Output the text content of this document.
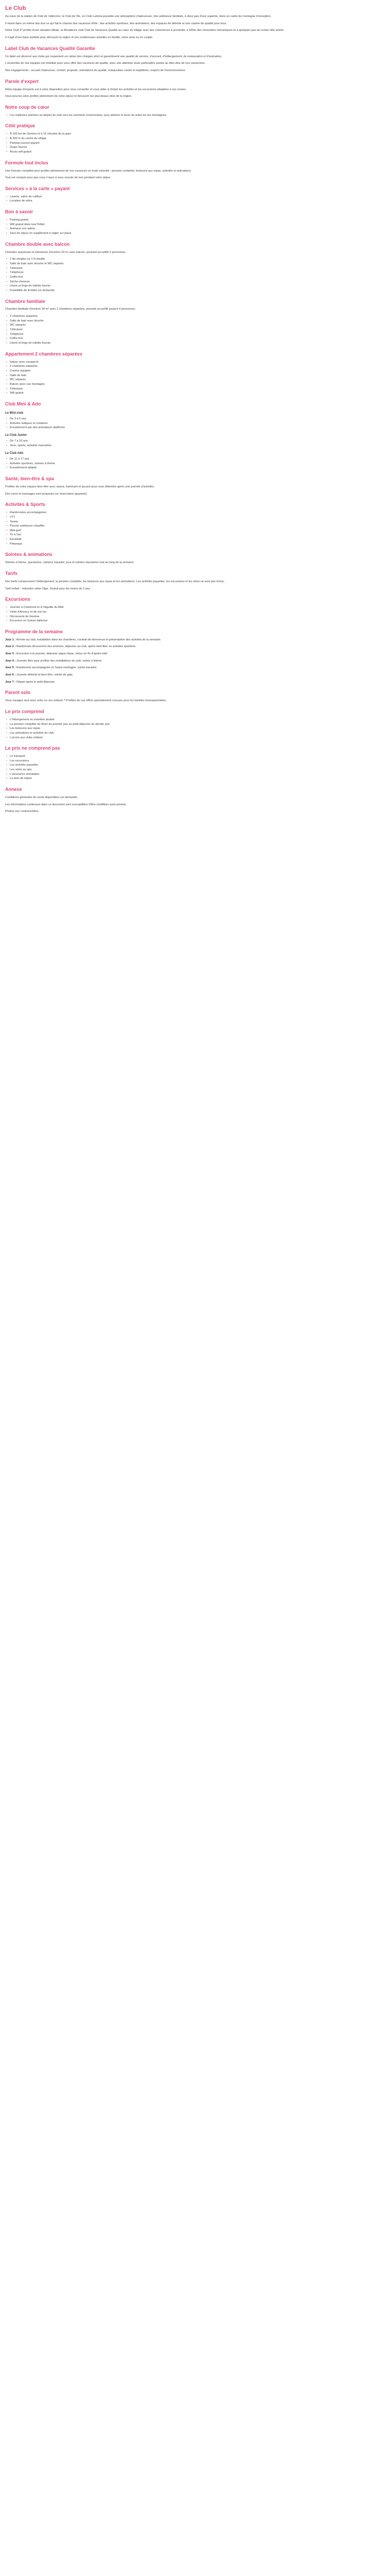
Le Club

Au cœur de la station de Club de Vallorcine, le Club de l'Ile, un Club Lumina possède une atmosphère chaleureuse, très ambiance familiale, à deux pas d'une superbe, dans un cadre de montagne d'exception.

Il réunit dans un même lieu tout ce qui fait le charme des vacances d'été : des activités sportives, des animations, des espaces de détente et une cuisine de qualité pour tous.

Notre Club 3* profite d'une situation idéale, la Résidence club Club de Vacances Qualité au cœur du village avec des commerces à proximité, à 500m des remontées mécaniques et à quelques pas du centre-ville animé.

Il s'agit d'une base parfaite pour découvrir la région et ses nombreuses activités en famille, entre amis ou en couple.

Label Club de Vacances Qualité Garantie

Ce label est décerné aux clubs qui respectent un cahier des charges strict et garantissent une qualité de service, d'accueil, d'hébergement, de restauration et d'animation.

L'ensemble de nos équipes est mobilisé pour vous offrir des vacances de qualité, avec une attention toute particulière portée au bien-être de nos vacanciers.

Nos engagements : accueil chaleureux, confort, propreté, animations de qualité, restauration variée et équilibrée, respect de l'environnement.

Parole d'expert

Notre équipe d'experts est à votre disposition pour vous conseiller et vous aider à choisir les activités et les excursions adaptées à vos envies.

Vous pourrez ainsi profiter pleinement de votre séjour et découvrir les plus beaux sites de la région.

Notre coup de cœur
• Les matinées animées au départ du club vers les sommets environnants, pour admirer le lever du soleil sur les montagnes.
Côté pratique
• À 150 km de Genève et à 15 minutes de la gare
• À 200 m du centre du village
• Parking couvert payant
• Draps fournis
• Accès wifi gratuit
Formule tout inclus

Une formule complète pour profiter pleinement de vos vacances en toute sérénité : pension complète, boissons aux repas, activités et animations.

Tout est compris pour que vous n'ayez à vous soucier de rien pendant votre séjour.

Services « à la carte » payant
• Laverie, salon de coiffure
• Location de vélos
Bon à savoir
• Parking gratuit
• Wifi gratuit dans tout l'hôtel
• Animaux non admis
• Taxe de séjour en supplément à régler sur place
Chambre double avec balcon

Chambre spacieuse et lumineuse d'environ 20 m² avec balcon, pouvant accueillir 2 personnes.

• 2 lits simples ou 1 lit double
• Salle de bain avec douche et WC séparés
• Télévision
• Téléphone
• Coffre-fort
• Sèche-cheveux
• Literie et linge de toilette fournis
• Possibilité de lit bébé sur demande
Chambre familiale

Chambre familiale d'environ 30 m² avec 2 chambres séparées, pouvant accueillir jusqu'à 4 personnes.

• 2 chambres séparées
• Salle de bain avec douche
• WC séparés
• Télévision
• Téléphone
• Coffre-fort
• Literie et linge de toilette fournis
Appartement 2 chambres séparées
• Séjour avec canapé-lit
• 2 chambres séparées
• Cuisine équipée
• Salle de bain
• WC séparés
• Balcon avec vue montagne
• Télévision
• Wifi gratuit
Club Mini & Ado
Le Mini-club
• De 3 à 6 ans
• Activités ludiques et créatives
• Encadrement par des animateurs diplômés
Le Club Junior
• De 7 à 10 ans
• Jeux, sports, activités manuelles
Le Club Ado
• De 11 à 17 ans
• Activités sportives, soirées à thème
• Encadrement adapté
Santé, bien-être & spa

Profitez de notre espace bien-être avec sauna, hammam et jacuzzi pour vous détendre après une journée d'activités.

Des soins et massages sont proposés sur réservation (payants).

Activités & Sports
• Randonnées accompagnées
• VTT
• Tennis
• Piscine extérieure chauffée
• Mini-golf
• Tir à l'arc
• Escalade
• Pétanque
Soirées & animations

Soirées à thème, spectacles, cabaret, karaoké, jeux et soirées dansantes tout au long de la semaine.

Tarifs

Nos tarifs comprennent l'hébergement, la pension complète, les boissons aux repas et les animations. Les activités payantes, les excursions et les soins ne sont pas inclus.

Tarif enfant : réduction selon l'âge. Gratuit pour les moins de 2 ans.

Excursions
• Journée à Chamonix et à l'Aiguille du Midi
• Visite d'Annecy et de son lac
• Découverte de Genève
• Excursion en Suisse italienne
Programme de la semaine
Jour 1 : Arrivée au club, installation dans les chambres, cocktail de bienvenue et présentation des activités de la semaine.
Jour 2 : Randonnée découverte des environs, déjeuner au club, après-midi libre ou activités sportives.
Jour 3 : Excursion à la journée, déjeuner pique-nique, retour en fin d'après-midi.
Jour 4 : Journée libre pour profiter des installations du club, soirée à thème.
Jour 5 : Randonnée accompagnée en haute montagne, soirée karaoké.
Jour 6 : Journée détente et bien-être, soirée de gala.
Jour 7 : Départ après le petit-déjeuner.
Parent solo

Vous voyagez seul avec votre ou vos enfants ? Profitez de nos offres spécialement conçues pour les familles monoparentales.

Le prix comprend
• L'hébergement en chambre double
• La pension complète du dîner du premier jour au petit-déjeuner du dernier jour
• Les boissons aux repas
• Les animations et activités du club
• L'accès aux clubs enfants
Le prix ne comprend pas
• Le transport
• Les excursions
• Les activités payantes
• Les soins au spa
• L'assurance annulation
• La taxe de séjour
Annexe

Conditions générales de vente disponibles sur demande.

Les informations contenues dans ce document sont susceptibles d'être modifiées sans préavis.

Photos non contractuelles.
